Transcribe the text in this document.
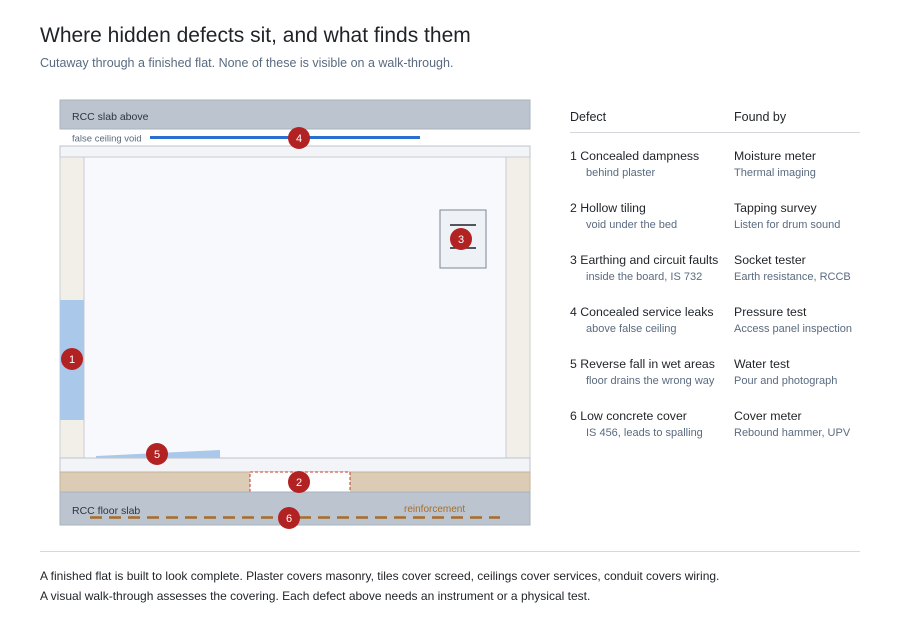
Where hidden defects sit, and what finds them

Cutaway through a finished flat. None of these is visible on a walk-through.

RCC slab above
false ceiling void
RCC floor slab	reinforcement
1
2
3
4
5
6
Defect	Found by
1 Concealed dampness
behind plaster
Moisture meter
Thermal imaging
2 Hollow tiling
void under the bed
Tapping survey
Listen for drum sound
3 Earthing and circuit faults
inside the board, IS 732
Socket tester
Earth resistance, RCCB
4 Concealed service leaks
above false ceiling
Pressure test
Access panel inspection
5 Reverse fall in wet areas
floor drains the wrong way
Water test
Pour and photograph
6 Low concrete cover
IS 456, leads to spalling
Cover meter
Rebound hammer, UPV

A finished flat is built to look complete. Plaster covers masonry, tiles cover screed, ceilings cover services, conduit covers wiring.

A visual walk-through assesses the covering. Each defect above needs an instrument or a physical test.
